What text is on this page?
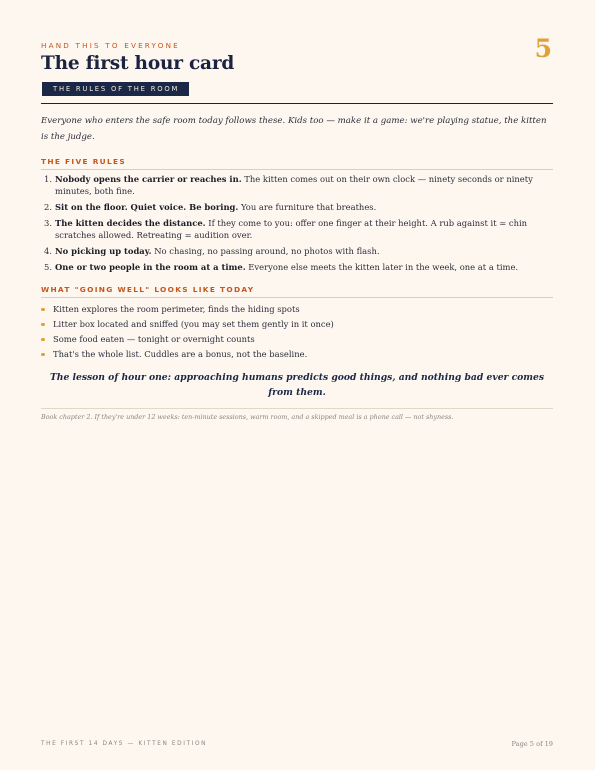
HAND THIS TO EVERYONE	5
The first hour card
THE RULES OF THE ROOM

Everyone who enters the safe room today follows these. Kids too — make it a game: we're playing statue, the kitten is the judge.

THE FIVE RULES
1. Nobody opens the carrier or reaches in. The kitten comes out on their own clock — ninety seconds or ninety minutes, both fine.
2. Sit on the floor. Quiet voice. Be boring. You are furniture that breathes.
3. The kitten decides the distance. If they come to you: offer one finger at their height. A rub against it = chin scratches allowed. Retreating = audition over.
4. No picking up today. No chasing, no passing around, no photos with flash.
5. One or two people in the room at a time. Everyone else meets the kitten later in the week, one at a time.
WHAT "GOING WELL" LOOKS LIKE TODAY
Kitten explores the room perimeter, finds the hiding spots
Litter box located and sniffed (you may set them gently in it once)
Some food eaten — tonight or overnight counts
That's the whole list. Cuddles are a bonus, not the baseline.

The lesson of hour one: approaching humans predicts good things, and nothing bad ever comes from them.

Book chapter 2. If they're under 12 weeks: ten-minute sessions, warm room, and a skipped meal is a phone call — not shyness.

THE FIRST 14 DAYS — KITTEN EDITION	Page 5 of 19
